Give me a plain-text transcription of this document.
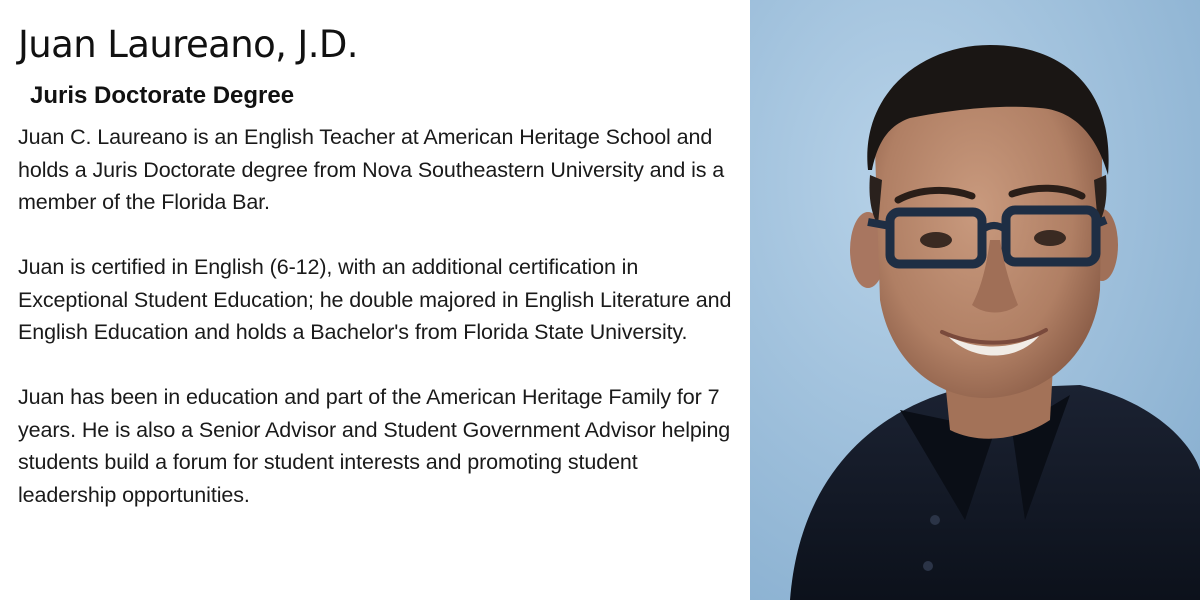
Juan Laureano, J.D.
Juris Doctorate Degree

Juan C. Laureano is an English Teacher at American Heritage School and holds a Juris Doctorate degree from Nova Southeastern University and is a member of the Florida Bar.

Juan is certified in English (6-12), with an additional certification in Exceptional Student Education; he double majored in English Literature and English Education and holds a Bachelor's from Florida State University.

Juan has been in education and part of the American Heritage Family for 7 years. He is also a Senior Advisor and Student Government Advisor helping students build a forum for student interests and promoting student leadership opportunities.
